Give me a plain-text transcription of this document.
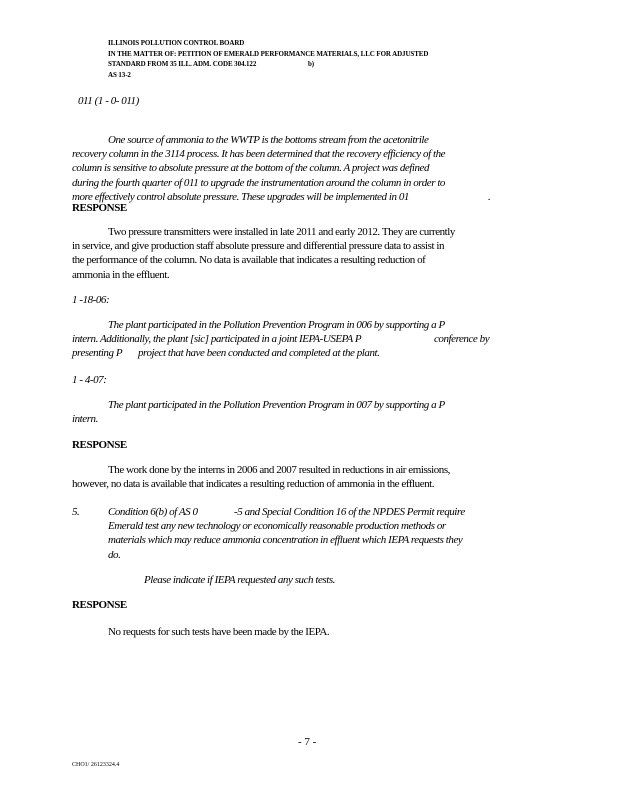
ILLINOIS POLLUTION CONTROL BOARD
IN THE MATTER OF: PETITION OF EMERALD PERFORMANCE MATERIALS, LLC FOR ADJUSTED
STANDARD FROM 35 ILL. ADM. CODE 304.122	b)
AS 13-2
011 (1 - 0- 011)
One source of ammonia to the WWTP is the bottoms stream from the acetonitrile
recovery column in the 3114 process. It has been determined that the recovery efficiency of the
column is sensitive to absolute pressure at the bottom of the column. A project was defined
during the fourth quarter of 011 to upgrade the instrumentation around the column in order to
more effectively control absolute pressure. These upgrades will be implemented in 01	.
RESPONSE
Two pressure transmitters were installed in late 2011 and early 2012. They are currently
in service, and give production staff absolute pressure and differential pressure data to assist in
the performance of the column. No data is available that indicates a resulting reduction of
ammonia in the effluent.
1 -18-06:
The plant participated in the Pollution Prevention Program in 006 by supporting a P
intern. Additionally, the plant [sic] participated in a joint IEPA-USEPA P	conference by
presenting P project that have been conducted and completed at the plant.
1 - 4-07:
The plant participated in the Pollution Prevention Program in 007 by supporting a P
intern.
RESPONSE
The work done by the interns in 2006 and 2007 resulted in reductions in air emissions,
however, no data is available that indicates a resulting reduction of ammonia in the effluent.
5.	Condition 6(b) of AS 0	-5 and Special Condition 16 of the NPDES Permit require
Emerald test any new technology or economically reasonable production methods or
materials which may reduce ammonia concentration in effluent which IEPA requests they
do.
Please indicate if IEPA requested any such tests.
RESPONSE
No requests for such tests have been made by the IEPA.
- 7 -
CHO1/ 26123324.4
